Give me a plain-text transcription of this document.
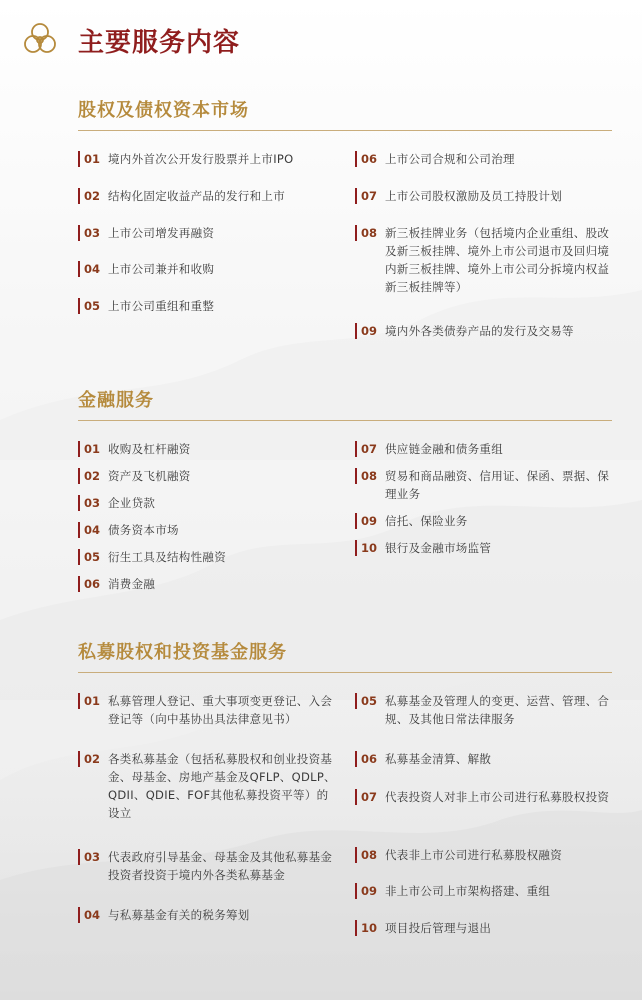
主要服务内容
股权及债权资本市场
01 境内外首次公开发行股票并上市IPO
02 结构化固定收益产品的发行和上市
03 上市公司增发再融资
04 上市公司兼并和收购
05 上市公司重组和重整
06 上市公司合规和公司治理
07 上市公司股权激励及员工持股计划
08 新三板挂牌业务（包括境内企业重组、股改及新三板挂牌、境外上市公司退市及回归境内新三板挂牌、境外上市公司分拆境内权益新三板挂牌等）
09 境内外各类债券产品的发行及交易等
金融服务
01 收购及杠杆融资
02 资产及飞机融资
03 企业贷款
04 债务资本市场
05 衍生工具及结构性融资
06 消费金融
07 供应链金融和债务重组
08 贸易和商品融资、信用证、保函、票据、保理业务
09 信托、保险业务
10 银行及金融市场监管
私募股权和投资基金服务
01 私募管理人登记、重大事项变更登记、入会登记等（向中基协出具法律意见书）
02 各类私募基金（包括私募股权和创业投资基金、母基金、房地产基金及QFLP、QDLP、QDII、QDIE、FOF其他私募投资平等）的设立
03 代表政府引导基金、母基金及其他私募基金投资者投资于境内外各类私募基金
04 与私募基金有关的税务筹划
05 私募基金及管理人的变更、运营、管理、合规、及其他日常法律服务
06 私募基金清算、解散
07 代表投资人对非上市公司进行私募股权投资
08 代表非上市公司进行私募股权融资
09 非上市公司上市架构搭建、重组
10 项目投后管理与退出
